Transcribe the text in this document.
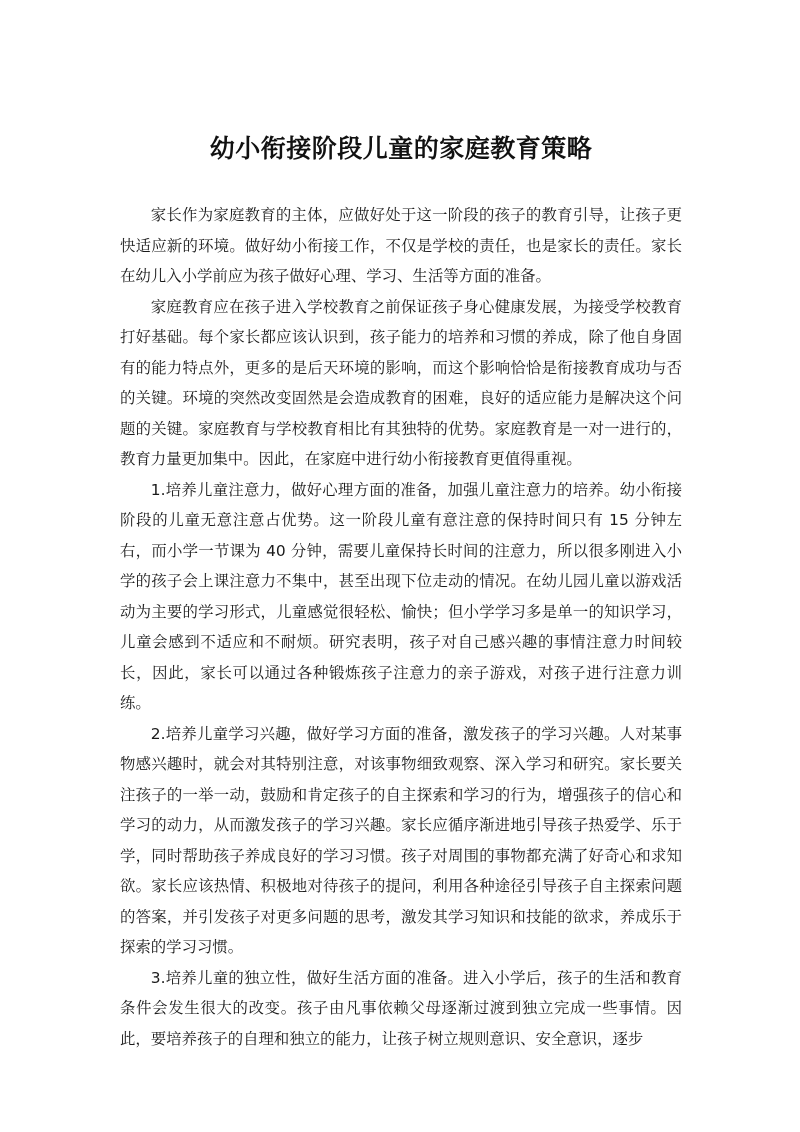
幼小衔接阶段儿童的家庭教育策略

家长作为家庭教育的主体，应做好处于这一阶段的孩子的教育引导，让孩子更快适应新的环境。做好幼小衔接工作，不仅是学校的责任，也是家长的责任。家长在幼儿入小学前应为孩子做好心理、学习、生活等方面的准备。

家庭教育应在孩子进入学校教育之前保证孩子身心健康发展，为接受学校教育打好基础。每个家长都应该认识到，孩子能力的培养和习惯的养成，除了他自身固有的能力特点外，更多的是后天环境的影响，而这个影响恰恰是衔接教育成功与否的关键。环境的突然改变固然是会造成教育的困难，良好的适应能力是解决这个问题的关键。家庭教育与学校教育相比有其独特的优势。家庭教育是一对一进行的，教育力量更加集中。因此，在家庭中进行幼小衔接教育更值得重视。

1.培养儿童注意力，做好心理方面的准备，加强儿童注意力的培养。幼小衔接阶段的儿童无意注意占优势。这一阶段儿童有意注意的保持时间只有 15 分钟左右，而小学一节课为 40 分钟，需要儿童保持长时间的注意力，所以很多刚进入小学的孩子会上课注意力不集中，甚至出现下位走动的情况。在幼儿园儿童以游戏活动为主要的学习形式，儿童感觉很轻松、愉快；但小学学习多是单一的知识学习，儿童会感到不适应和不耐烦。研究表明，孩子对自己感兴趣的事情注意力时间较长，因此，家长可以通过各种锻炼孩子注意力的亲子游戏，对孩子进行注意力训练。

2.培养儿童学习兴趣，做好学习方面的准备，激发孩子的学习兴趣。人对某事物感兴趣时，就会对其特别注意，对该事物细致观察、深入学习和研究。家长要关注孩子的一举一动，鼓励和肯定孩子的自主探索和学习的行为，增强孩子的信心和学习的动力，从而激发孩子的学习兴趣。家长应循序渐进地引导孩子热爱学、乐于学，同时帮助孩子养成良好的学习习惯。孩子对周围的事物都充满了好奇心和求知欲。家长应该热情、积极地对待孩子的提问，利用各种途径引导孩子自主探索问题的答案，并引发孩子对更多问题的思考，激发其学习知识和技能的欲求，养成乐于探索的学习习惯。

3.培养儿童的独立性，做好生活方面的准备。进入小学后，孩子的生活和教育条件会发生很大的改变。孩子由凡事依赖父母逐渐过渡到独立完成一些事情。因此，要培养孩子的自理和独立的能力，让孩子树立规则意识、安全意识，逐步
